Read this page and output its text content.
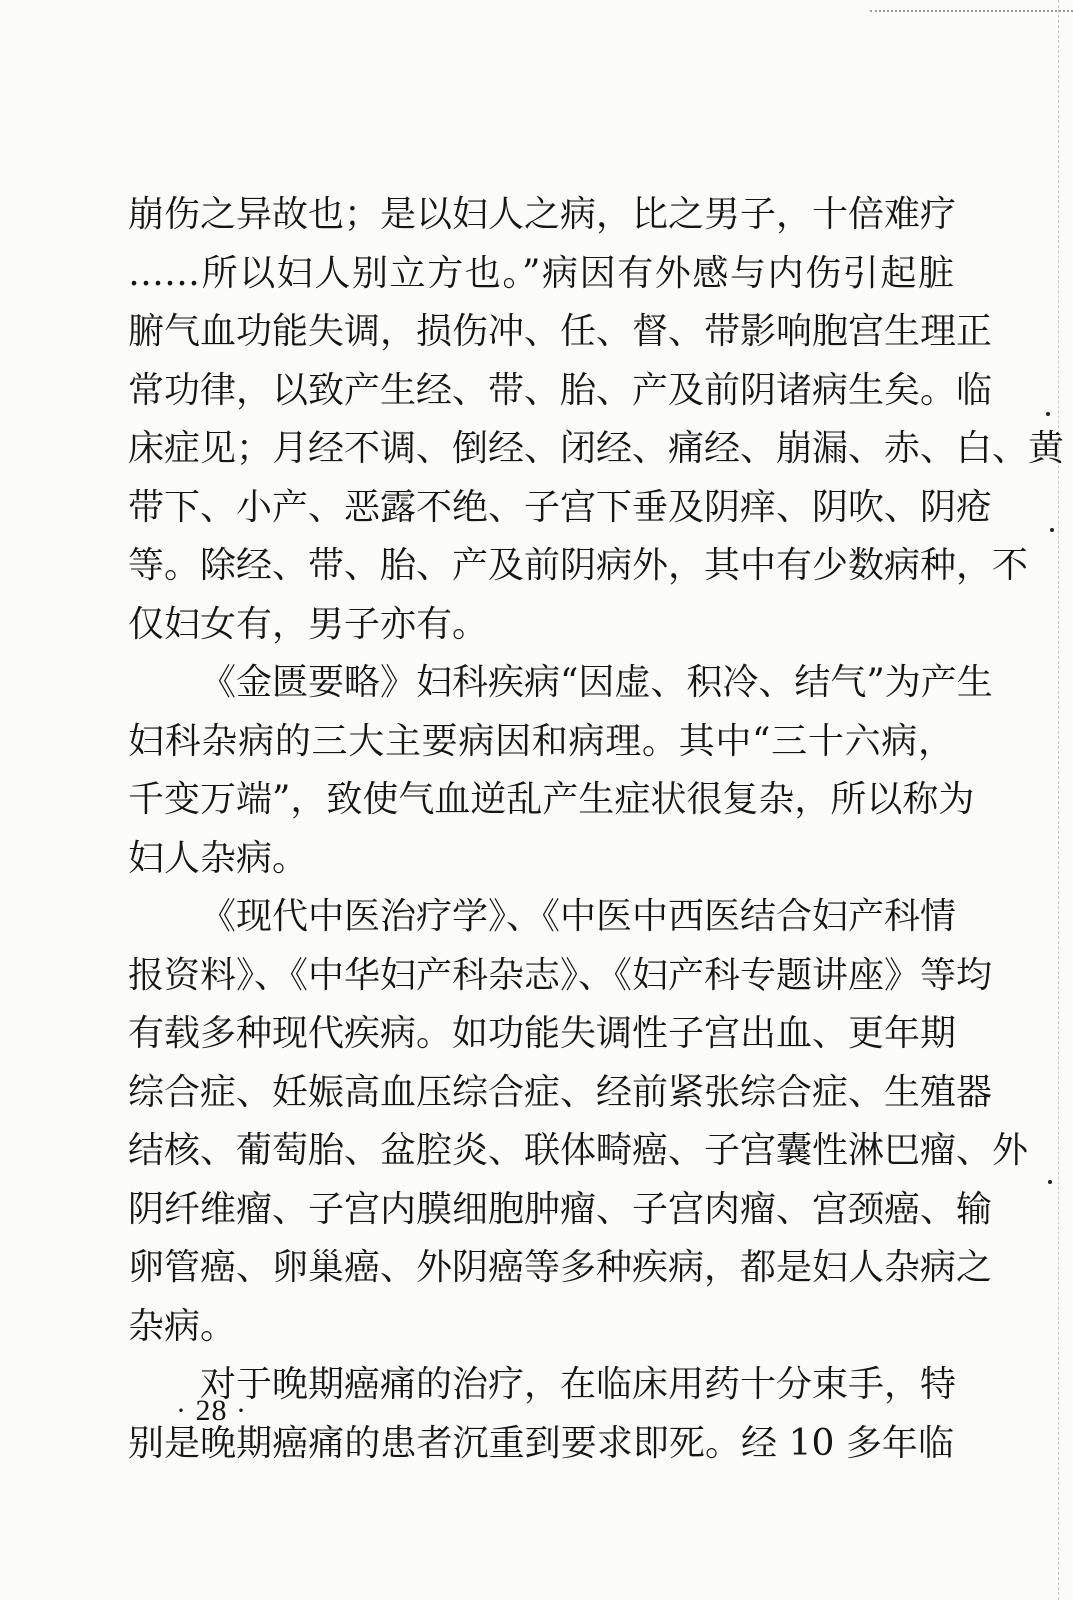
崩伤之异故也；是以妇人之病，比之男子，十倍难疗
……所以妇人别立方也。”病因有外感与内伤引起脏
腑气血功能失调，损伤冲、任、督、带影响胞宫生理正
常功律，以致产生经、带、胎、产及前阴诸病生矣。临
床症见；月经不调、倒经、闭经、痛经、崩漏、赤、白、黄
带下、小产、恶露不绝、子宫下垂及阴痒、阴吹、阴疮
等。除经、带、胎、产及前阴病外，其中有少数病种，不
仅妇女有，男子亦有。
《金匮要略》妇科疾病“因虚、积冷、结气”为产生
妇科杂病的三大主要病因和病理。其中“三十六病，
千变万端”，致使气血逆乱产生症状很复杂，所以称为
妇人杂病。
《现代中医治疗学》、《中医中西医结合妇产科情
报资料》、《中华妇产科杂志》、《妇产科专题讲座》等均
有载多种现代疾病。如功能失调性子宫出血、更年期
综合症、妊娠高血压综合症、经前紧张综合症、生殖器
结核、葡萄胎、盆腔炎、联体畸癌、子宫囊性淋巴瘤、外
阴纤维瘤、子宫内膜细胞肿瘤、子宫肉瘤、宫颈癌、输
卵管癌、卵巢癌、外阴癌等多种疾病，都是妇人杂病之
杂病。
对于晚期癌痛的治疗，在临床用药十分束手，特
别是晚期癌痛的患者沉重到要求即死。经 10 多年临
· 28 ·
